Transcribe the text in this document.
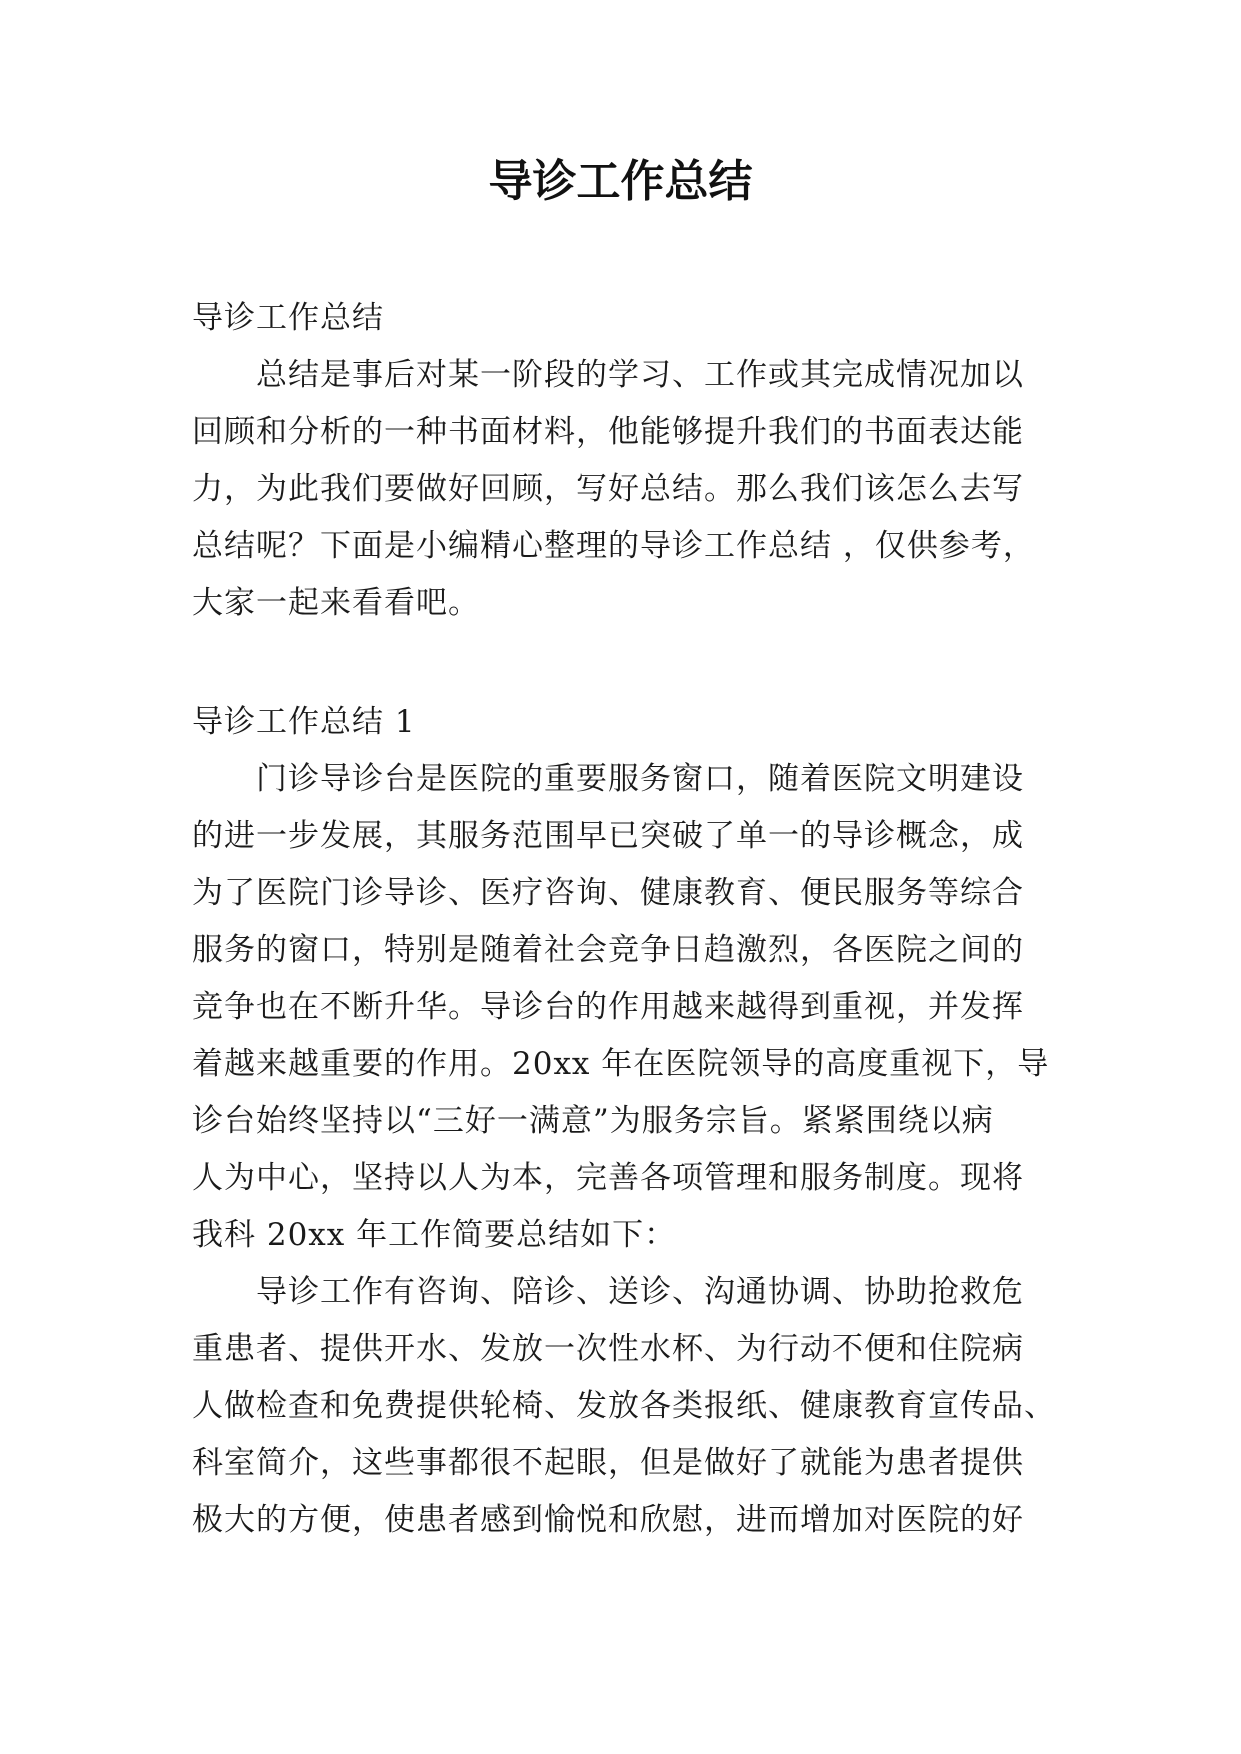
导诊工作总结

导诊工作总结

总结是事后对某一阶段的学习、工作或其完成情况加以

回顾和分析的一种书面材料，他能够提升我们的书面表达能

力，为此我们要做好回顾，写好总结。那么我们该怎么去写

总结呢？下面是小编精心整理的导诊工作总结 ，仅供参考，

大家一起来看看吧。

导诊工作总结 1

门诊导诊台是医院的重要服务窗口，随着医院文明建设

的进一步发展，其服务范围早已突破了单一的导诊概念，成

为了医院门诊导诊、医疗咨询、健康教育、便民服务等综合

服务的窗口，特别是随着社会竞争日趋激烈，各医院之间的

竞争也在不断升华。导诊台的作用越来越得到重视，并发挥

着越来越重要的作用。20xx 年在医院领导的高度重视下，导

诊台始终坚持以“三好一满意”为服务宗旨。紧紧围绕以病

人为中心，坚持以人为本，完善各项管理和服务制度。现将

我科 20xx 年工作简要总结如下：

导诊工作有咨询、陪诊、送诊、沟通协调、协助抢救危

重患者、提供开水、发放一次性水杯、为行动不便和住院病

人做检查和免费提供轮椅、发放各类报纸、健康教育宣传品、

科室简介，这些事都很不起眼，但是做好了就能为患者提供

极大的方便，使患者感到愉悦和欣慰，进而增加对医院的好
